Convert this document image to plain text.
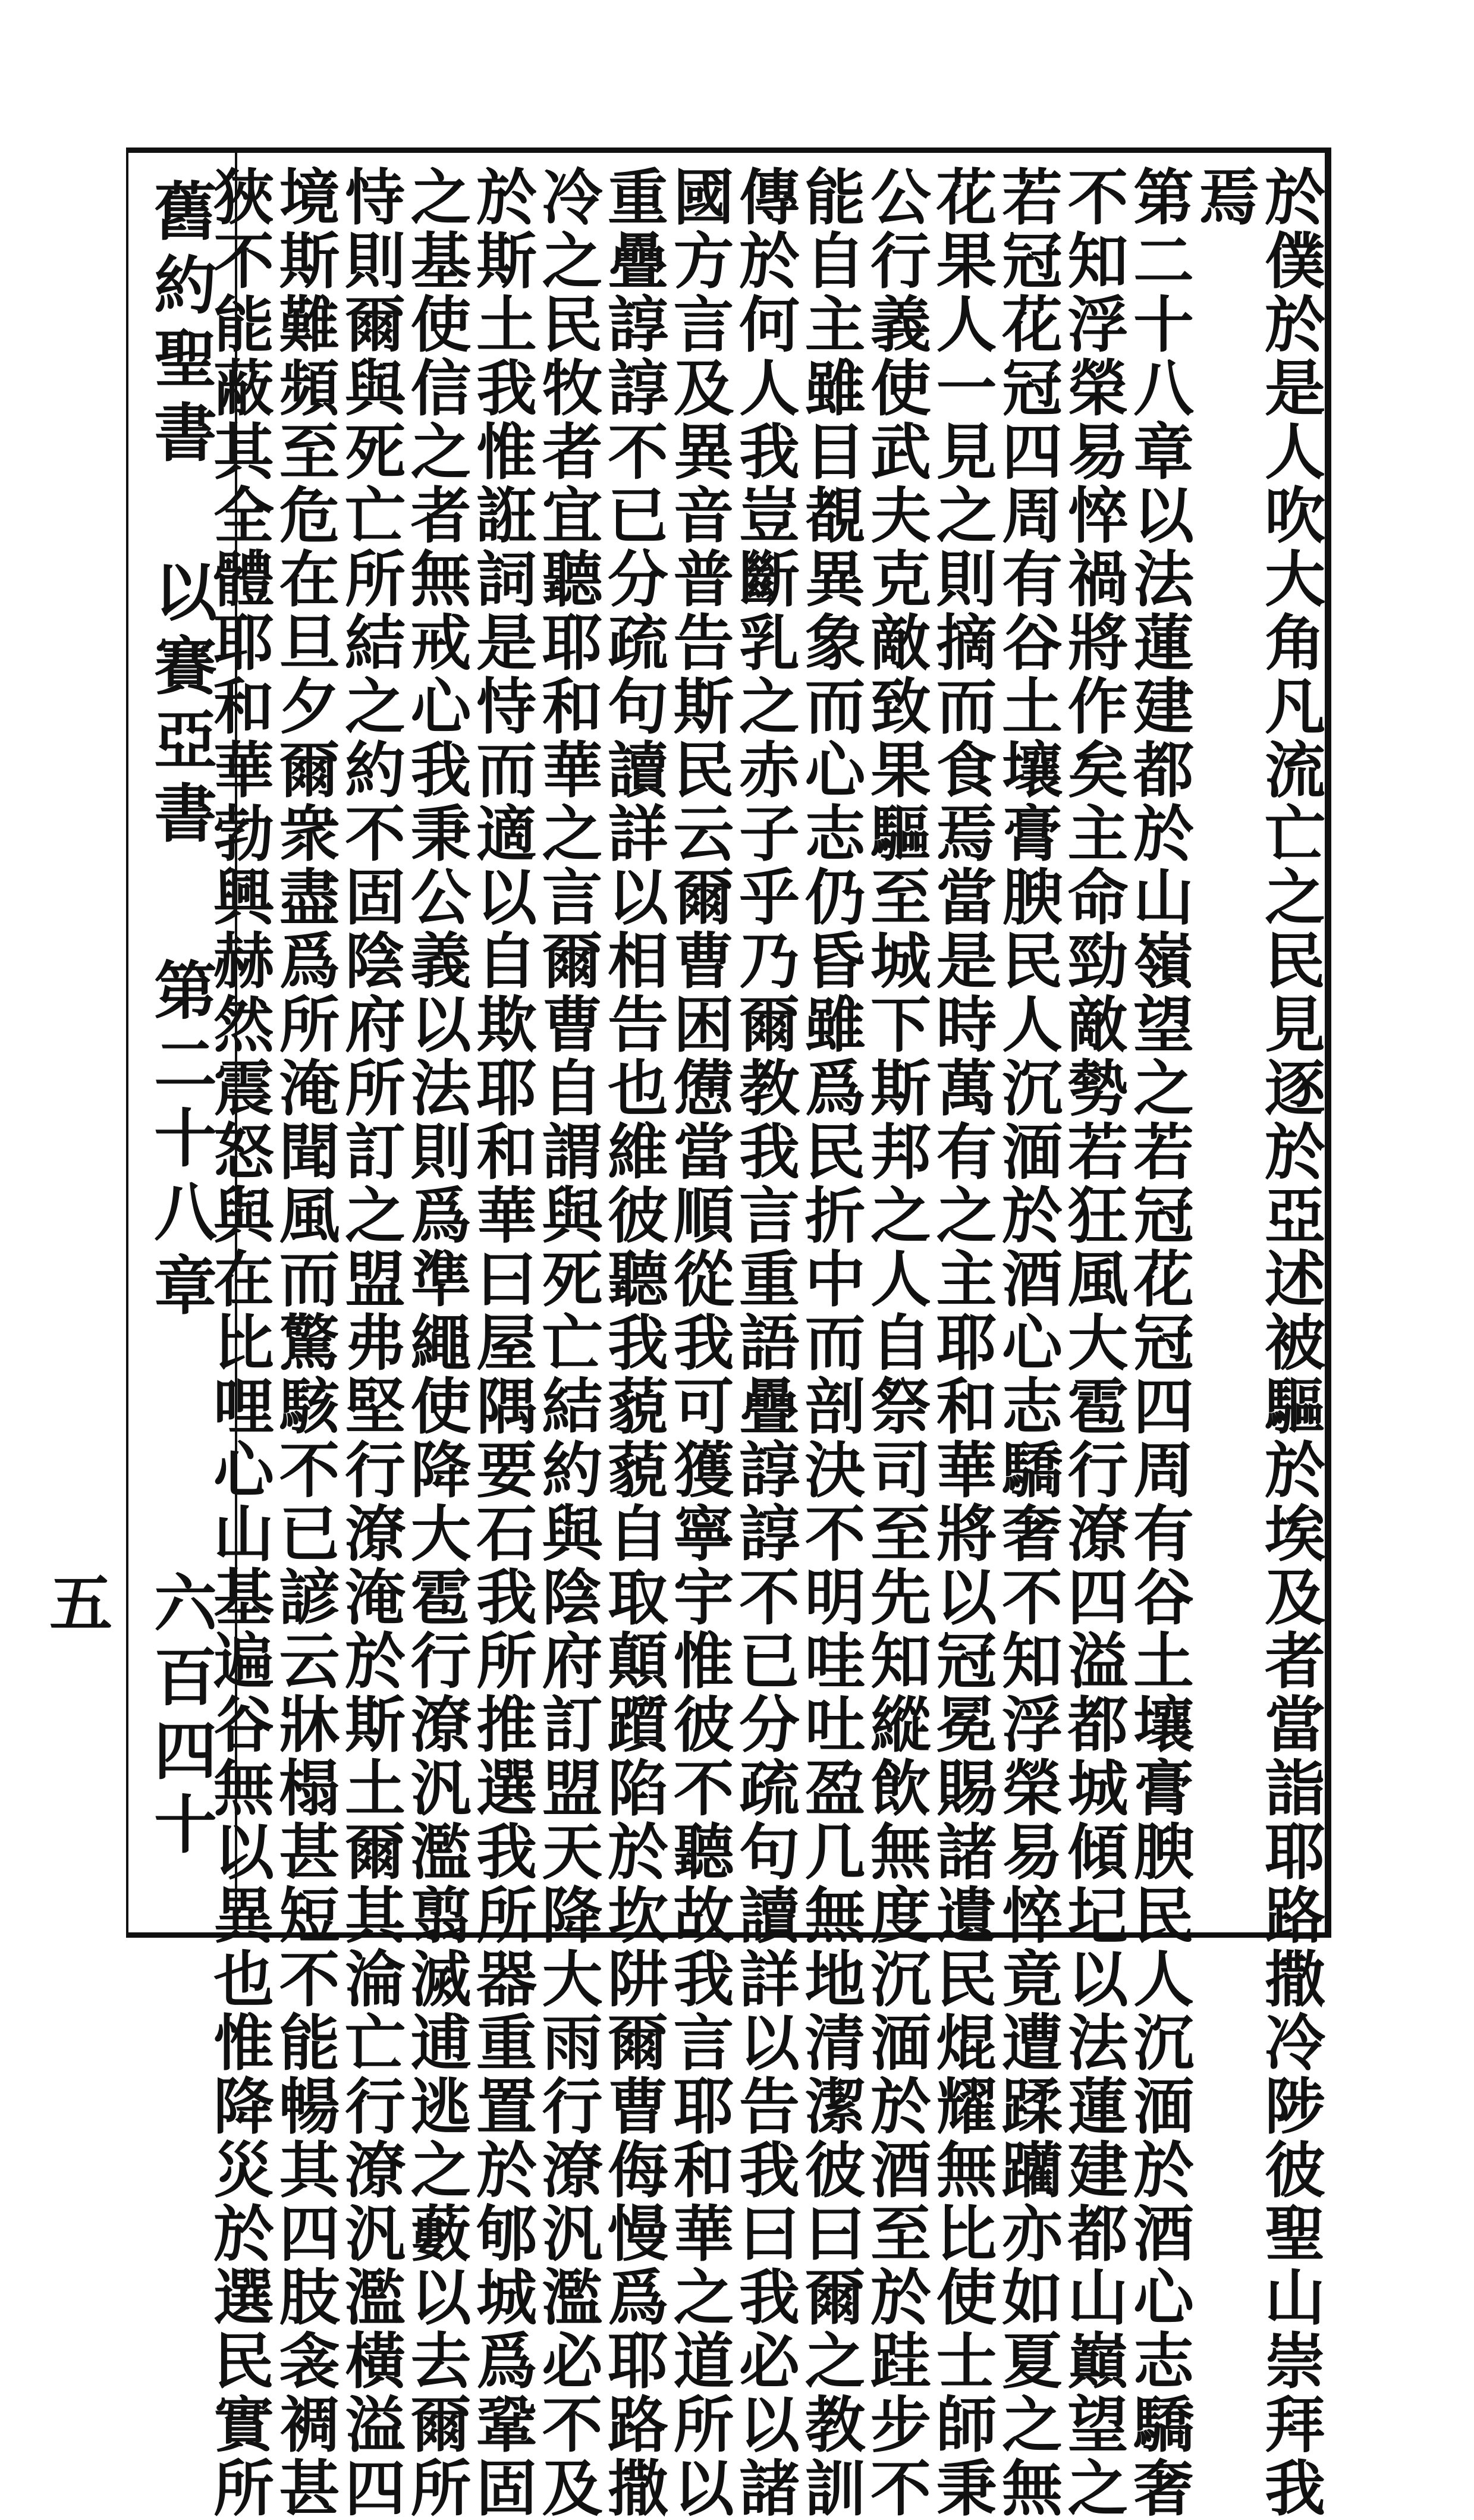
舊約聖書
以賽亞書
第二十八章
六百四十五	於僕於是人吹大角凡流亡之民見逐於亞述被驅於埃及者當詣耶路撒冷陟彼聖山崇拜我

焉

第二十八章以法蓮建都於山嶺望之若冠花冠四周有谷土壤膏腴民人沉湎於酒心志驕奢

不知浮榮易悴禍將作矣主命勁敵勢若狂風大雹行潦四溢都城傾圮以法蓮建都山巔望之

若冠花冠四周有谷土壤膏腴民人沉湎於酒心志驕奢不知浮榮易悴竟遭蹂躪亦如夏之無

花果人一見之則摘而食焉當是時萬有之主耶和華將以冠冕賜諸遺民焜耀無比使士師秉

公行義使武夫克敵致果驅至城下斯邦之人自祭司至先知縱飲無度沉湎於酒至於跬步不

能自主雖目覩異象而心志仍昏雖爲民折中而剖決不明哇吐盈几無地清潔彼曰爾之教訓

傳於何人我豈斷乳之赤子乎乃爾教我言重語疊諄諄不已分疏句讀詳以告我曰我必以諸

國方言及異音普告斯民云爾曹困憊當順從我可獲寧宇惟彼不聽故我言耶和華之道所以

重疊諄諄不已分疏句讀詳以相告也維彼聽我藐藐自取顛躓陷於坎阱爾曹侮慢爲耶路撒

冷之民牧者宜聽耶和華之言爾曹自謂與死亡結約與陰府訂盟天降大雨行潦汎濫必不及

於斯土我惟誑詞是恃而適以自欺耶和華曰屋隅要石我所推選我所器重置於郇城爲鞏固

之基使信之者無戒心我秉公義以法則爲準繩使降大雹行潦汎濫翦滅逋逃之藪以去爾所

恃則爾與死亡所結之約不固陰府所訂之盟弗堅行潦淹於斯土爾其淪亡行潦汎濫橫溢四

境斯難頻至危在旦夕爾衆盡爲所淹聞風而驚駭不已諺云牀榻甚短不能暢其四肢衾裯甚

狹不能蔽其全體耶和華勃興赫然震怒與在比哩心山基遍谷無以異也惟降災於選民實所
